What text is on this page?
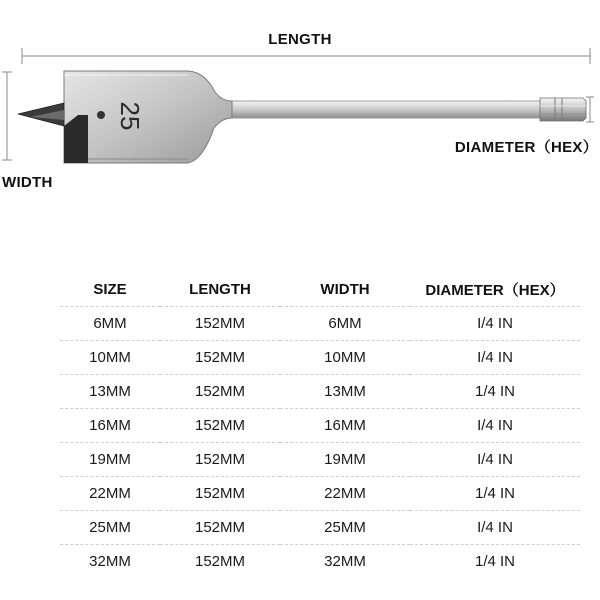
25
LENGTH
DIAMETER（HEX）
WIDTH
SIZE	LENGTH	WIDTH	DIAMETER（HEX）
6MM	152MM	6MM	I/4 IN
10MM	152MM	10MM	I/4 IN
13MM	152MM	13MM	1/4 IN
16MM	152MM	16MM	I/4 IN
19MM	152MM	19MM	I/4 IN
22MM	152MM	22MM	1/4 IN
25MM	152MM	25MM	I/4 IN
32MM	152MM	32MM	1/4 IN
